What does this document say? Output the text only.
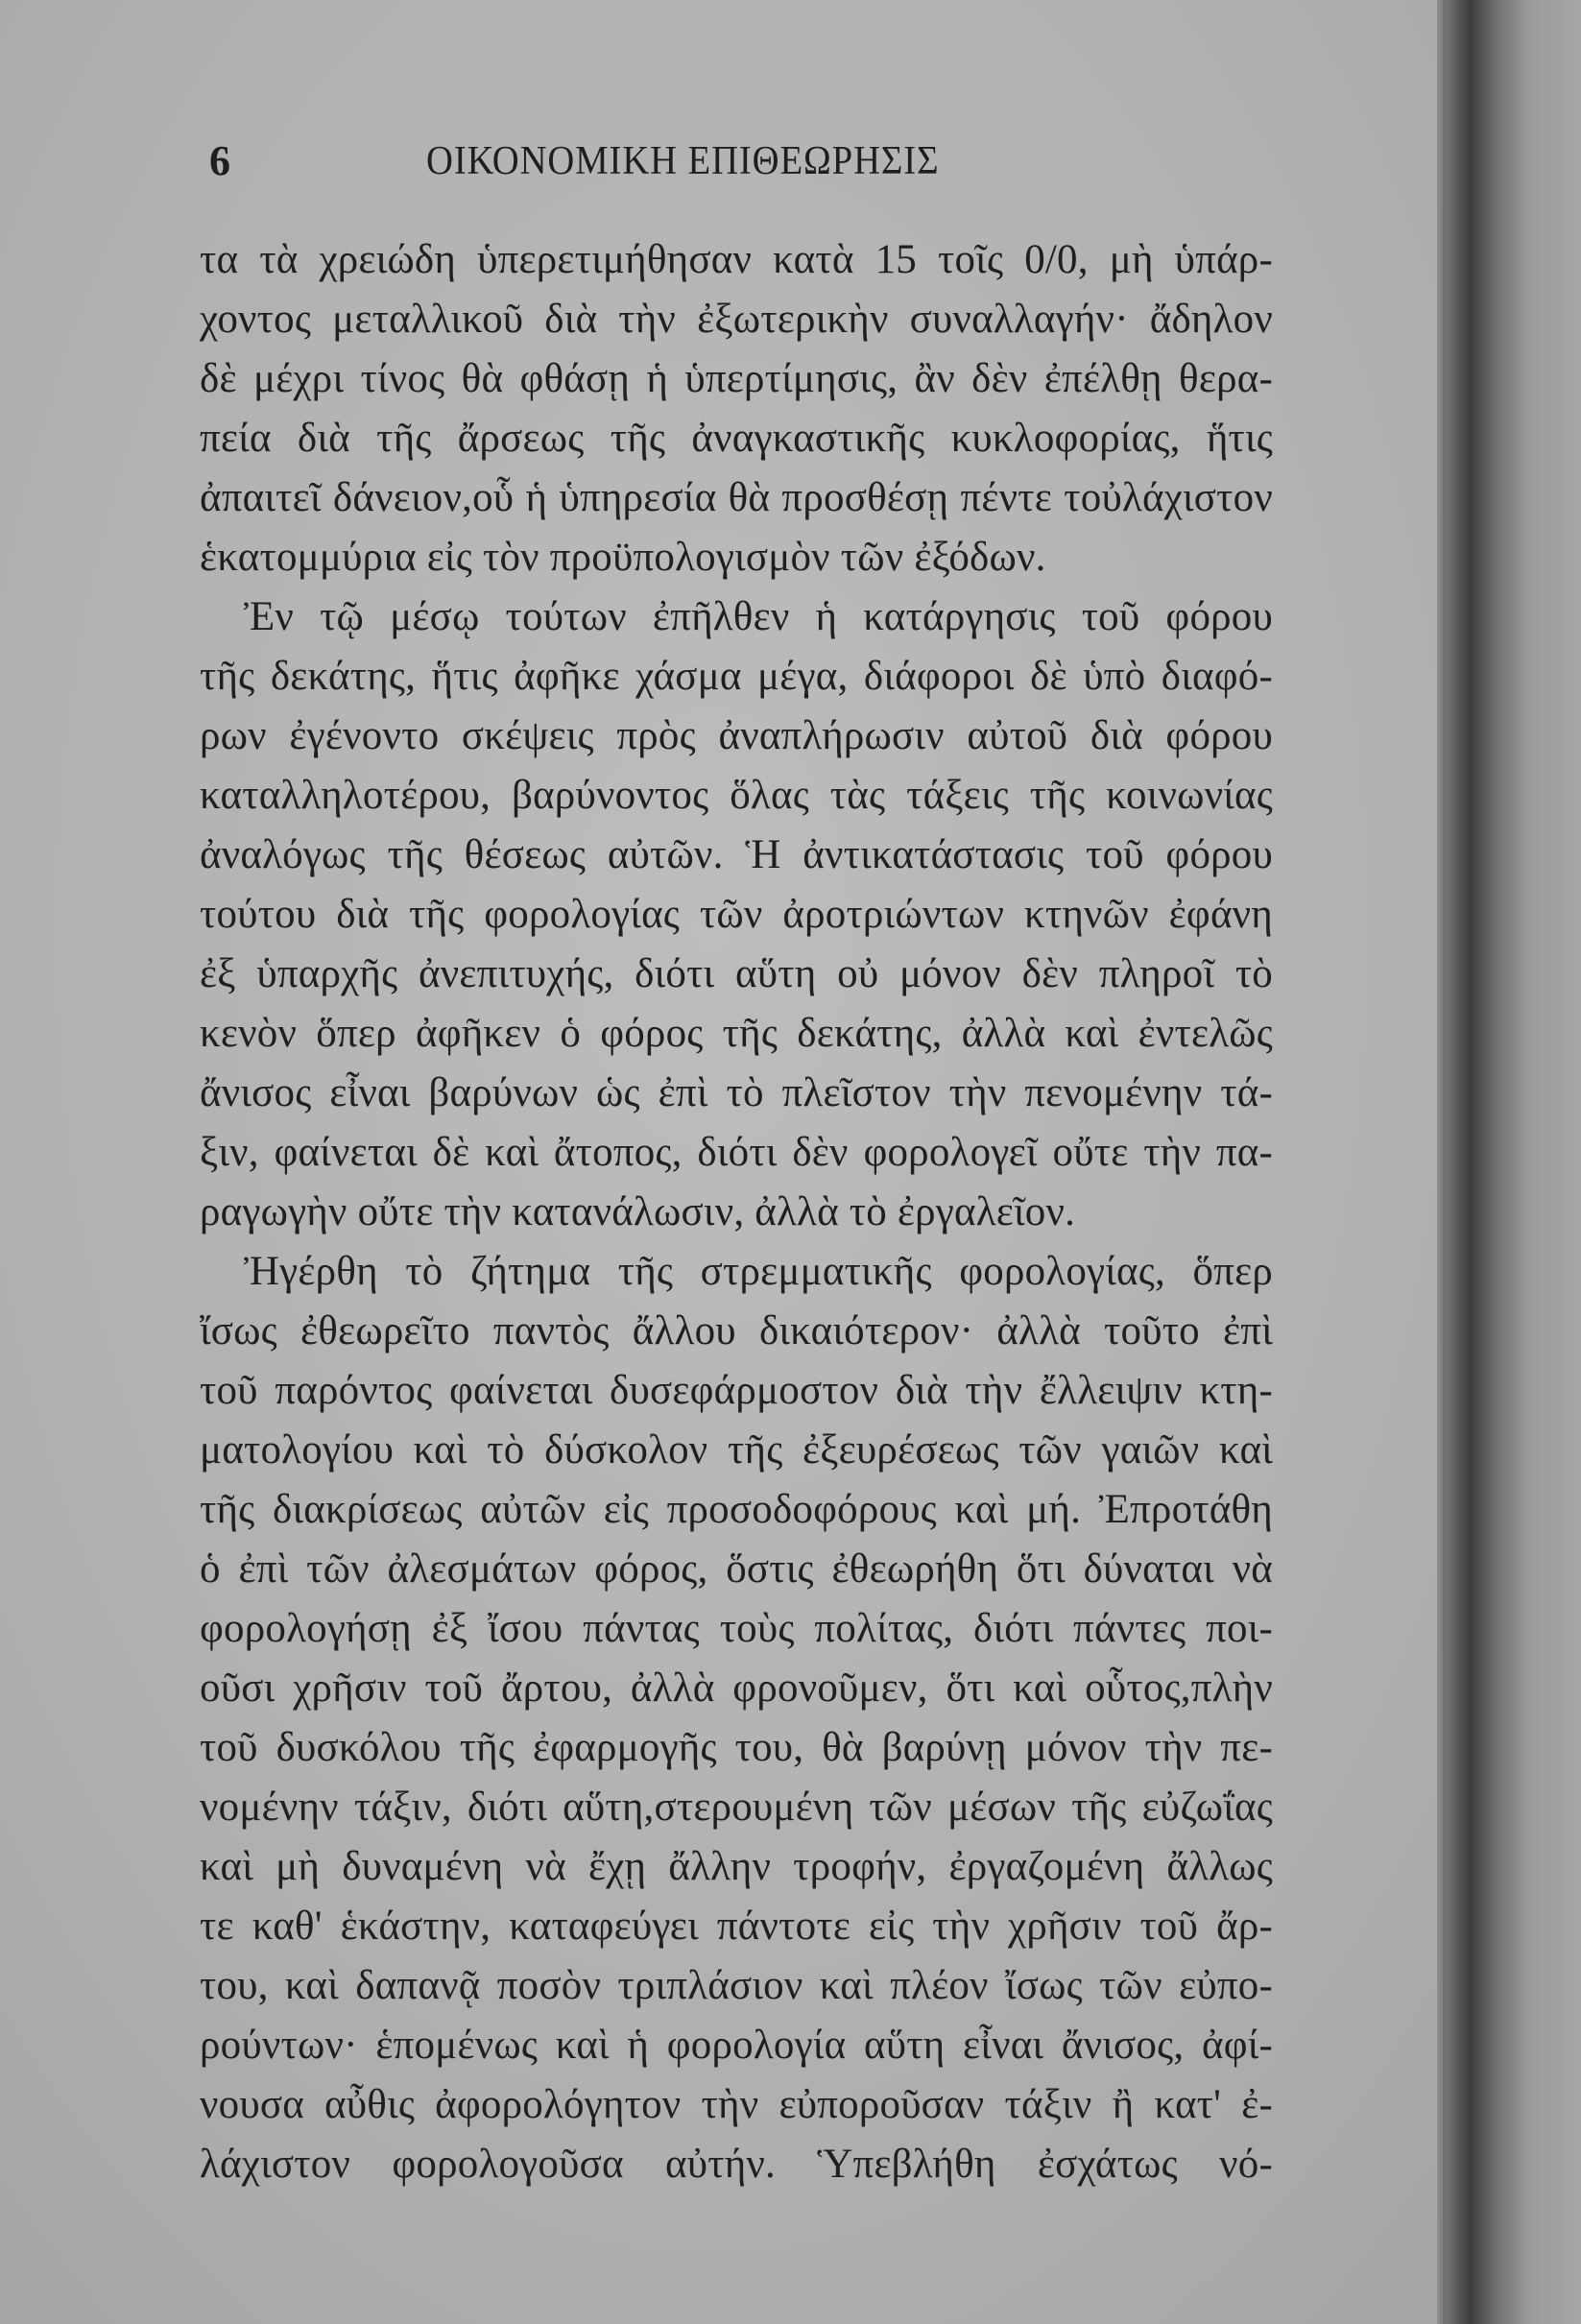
6	ΟΙΚΟΝΟΜΙΚΗ ΕΠΙΘΕΩΡΗΣΙΣ
τα τὰ χρειώδη ὑπερετιμήθησαν κατὰ 15 τοῖς 0/0, μὴ ὑπάρ-
χοντος μεταλλικοῦ διὰ τὴν ἐξωτερικὴν συναλλαγήν· ἄδηλον
δὲ μέχρι τίνος θὰ φθάσῃ ἡ ὑπερτίμησις, ἂν δὲν ἐπέλθῃ θερα-
πεία διὰ τῆς ἄρσεως τῆς ἀναγκαστικῆς κυκλοφορίας, ἥτις
ἀπαιτεῖ δάνειον,οὗ ἡ ὑπηρεσία θὰ προσθέσῃ πέντε τοὐλάχιστον
ἑκατομμύρια εἰς τὸν προϋπολογισμὸν τῶν ἐξόδων.
Ἐν τῷ μέσῳ τούτων ἐπῆλθεν ἡ κατάργησις τοῦ φόρου
τῆς δεκάτης, ἥτις ἀφῆκε χάσμα μέγα, διάφοροι δὲ ὑπὸ διαφό-
ρων ἐγένοντο σκέψεις πρὸς ἀναπλήρωσιν αὐτοῦ διὰ φόρου
καταλληλοτέρου, βαρύνοντος ὅλας τὰς τάξεις τῆς κοινωνίας
ἀναλόγως τῆς θέσεως αὐτῶν. Ἡ ἀντικατάστασις τοῦ φόρου
τούτου διὰ τῆς φορολογίας τῶν ἀροτριώντων κτηνῶν ἐφάνη
ἐξ ὑπαρχῆς ἀνεπιτυχής, διότι αὕτη οὐ μόνον δὲν πληροῖ τὸ
κενὸν ὅπερ ἀφῆκεν ὁ φόρος τῆς δεκάτης, ἀλλὰ καὶ ἐντελῶς
ἄνισος εἶναι βαρύνων ὡς ἐπὶ τὸ πλεῖστον τὴν πενομένην τά-
ξιν, φαίνεται δὲ καὶ ἄτοπος, διότι δὲν φορολογεῖ οὔτε τὴν πα-
ραγωγὴν οὔτε τὴν κατανάλωσιν, ἀλλὰ τὸ ἐργαλεῖον.
Ἠγέρθη τὸ ζήτημα τῆς στρεμματικῆς φορολογίας, ὅπερ
ἴσως ἐθεωρεῖτο παντὸς ἄλλου δικαιότερον· ἀλλὰ τοῦτο ἐπὶ
τοῦ παρόντος φαίνεται δυσεφάρμοστον διὰ τὴν ἔλλειψιν κτη-
ματολογίου καὶ τὸ δύσκολον τῆς ἐξευρέσεως τῶν γαιῶν καὶ
τῆς διακρίσεως αὐτῶν εἰς προσοδοφόρους καὶ μή. Ἐπροτάθη
ὁ ἐπὶ τῶν ἀλεσμάτων φόρος, ὅστις ἐθεωρήθη ὅτι δύναται νὰ
φορολογήσῃ ἐξ ἴσου πάντας τοὺς πολίτας, διότι πάντες ποι-
οῦσι χρῆσιν τοῦ ἄρτου, ἀλλὰ φρονοῦμεν, ὅτι καὶ οὗτος,πλὴν
τοῦ δυσκόλου τῆς ἐφαρμογῆς του, θὰ βαρύνῃ μόνον τὴν πε-
νομένην τάξιν, διότι αὕτη,στερουμένη τῶν μέσων τῆς εὐζωΐας
καὶ μὴ δυναμένη νὰ ἔχῃ ἄλλην τροφήν, ἐργαζομένη ἄλλως
τε καθ' ἑκάστην, καταφεύγει πάντοτε εἰς τὴν χρῆσιν τοῦ ἄρ-
του, καὶ δαπανᾷ ποσὸν τριπλάσιον καὶ πλέον ἴσως τῶν εὐπο-
ρούντων· ἑπομένως καὶ ἡ φορολογία αὕτη εἶναι ἄνισος, ἀφί-
νουσα αὖθις ἀφορολόγητον τὴν εὐποροῦσαν τάξιν ἢ κατ' ἐ-
λάχιστον φορολογοῦσα αὐτήν. Ὑπεβλήθη ἐσχάτως νό-
